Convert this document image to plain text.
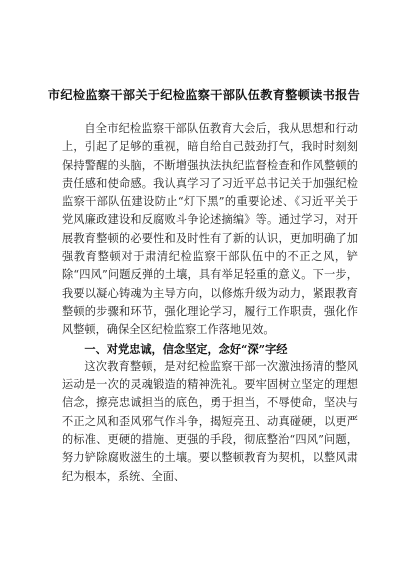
市纪检监察干部关于纪检监察干部队伍教育整顿读书报告

自全市纪检监察干部队伍教育大会后，我从思想和行动上，引起了足够的重视，暗自给自己鼓劲打气，我时时刻刻保持警醒的头脑，不断增强执法执纪监督检查和作风整顿的责任感和使命感。我认真学习了习近平总书记关于加强纪检监察干部队伍建设防止“灯下黑”的重要论述、《习近平关于党风廉政建设和反腐败斗争论述摘编》等。通过学习，对开展教育整顿的必要性和及时性有了新的认识，更加明确了加强教育整顿对于肃清纪检监察干部队伍中的不正之风，铲除“四风”问题反弹的土壤，具有举足轻重的意义。下一步，我要以凝心铸魂为主导方向，以修炼升级为动力，紧跟教育整顿的步骤和环节，强化理论学习，履行工作职责，强化作风整顿，确保全区纪检监察工作落地见效。

一、对党忠诚，信念坚定，念好“深”字经

这次教育整顿，是对纪检监察干部一次激浊扬清的整风运动是一次的灵魂锻造的精神洗礼。要牢固树立坚定的理想信念，擦亮忠诚担当的底色，勇于担当，不辱使命，坚决与不正之风和歪风邪气作斗争，揭短亮丑、动真碰硬，以更严的标准、更硬的措施、更强的手段，彻底整治“四风”问题，努力铲除腐败滋生的土壤。要以整顿教育为契机，以整风肃纪为根本，系统、全面、
